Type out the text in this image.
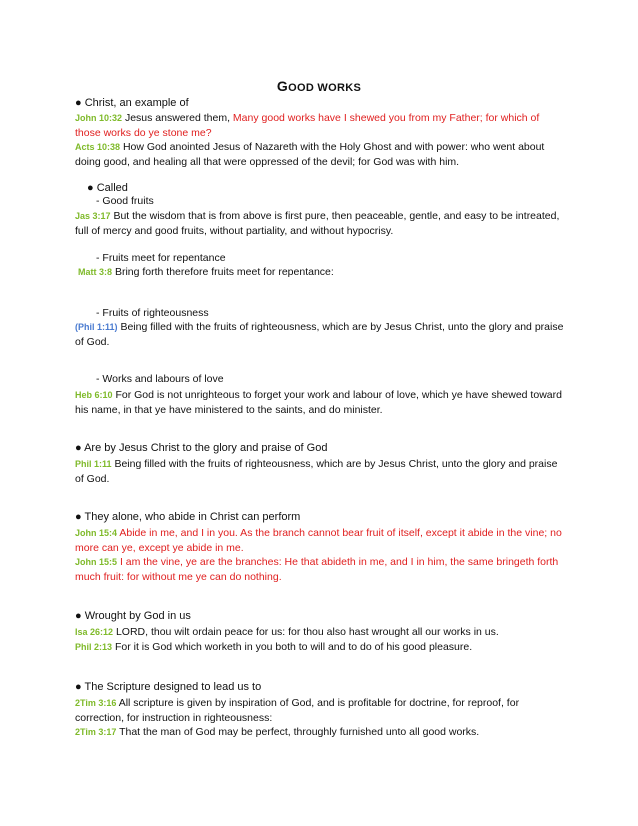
GOOD WORKS
● Christ, an example of
John 10:32 Jesus answered them, Many good works have I shewed you from my Father; for which of those works do ye stone me?
Acts 10:38 How God anointed Jesus of Nazareth with the Holy Ghost and with power: who went about doing good, and healing all that were oppressed of the devil; for God was with him.
● Called
- Good fruits
Jas 3:17 But the wisdom that is from above is first pure, then peaceable, gentle, and easy to be intreated, full of mercy and good fruits, without partiality, and without hypocrisy.
- Fruits meet for repentance
Matt 3:8 Bring forth therefore fruits meet for repentance:
- Fruits of righteousness
(Phil 1:11) Being filled with the fruits of righteousness, which are by Jesus Christ, unto the glory and praise of God.
- Works and labours of love
Heb 6:10 For God is not unrighteous to forget your work and labour of love, which ye have shewed toward his name, in that ye have ministered to the saints, and do minister.
● Are by Jesus Christ to the glory and praise of God
Phil 1:11 Being filled with the fruits of righteousness, which are by Jesus Christ, unto the glory and praise of God.
● They alone, who abide in Christ can perform
John 15:4 Abide in me, and I in you. As the branch cannot bear fruit of itself, except it abide in the vine; no more can ye, except ye abide in me.
John 15:5 I am the vine, ye are the branches: He that abideth in me, and I in him, the same bringeth forth much fruit: for without me ye can do nothing.
● Wrought by God in us
Isa 26:12 LORD, thou wilt ordain peace for us: for thou also hast wrought all our works in us.
Phil 2:13 For it is God which worketh in you both to will and to do of his good pleasure.
● The Scripture designed to lead us to
2Tim 3:16 All scripture is given by inspiration of God, and is profitable for doctrine, for reproof, for correction, for instruction in righteousness:
2Tim 3:17 That the man of God may be perfect, throughly furnished unto all good works.
